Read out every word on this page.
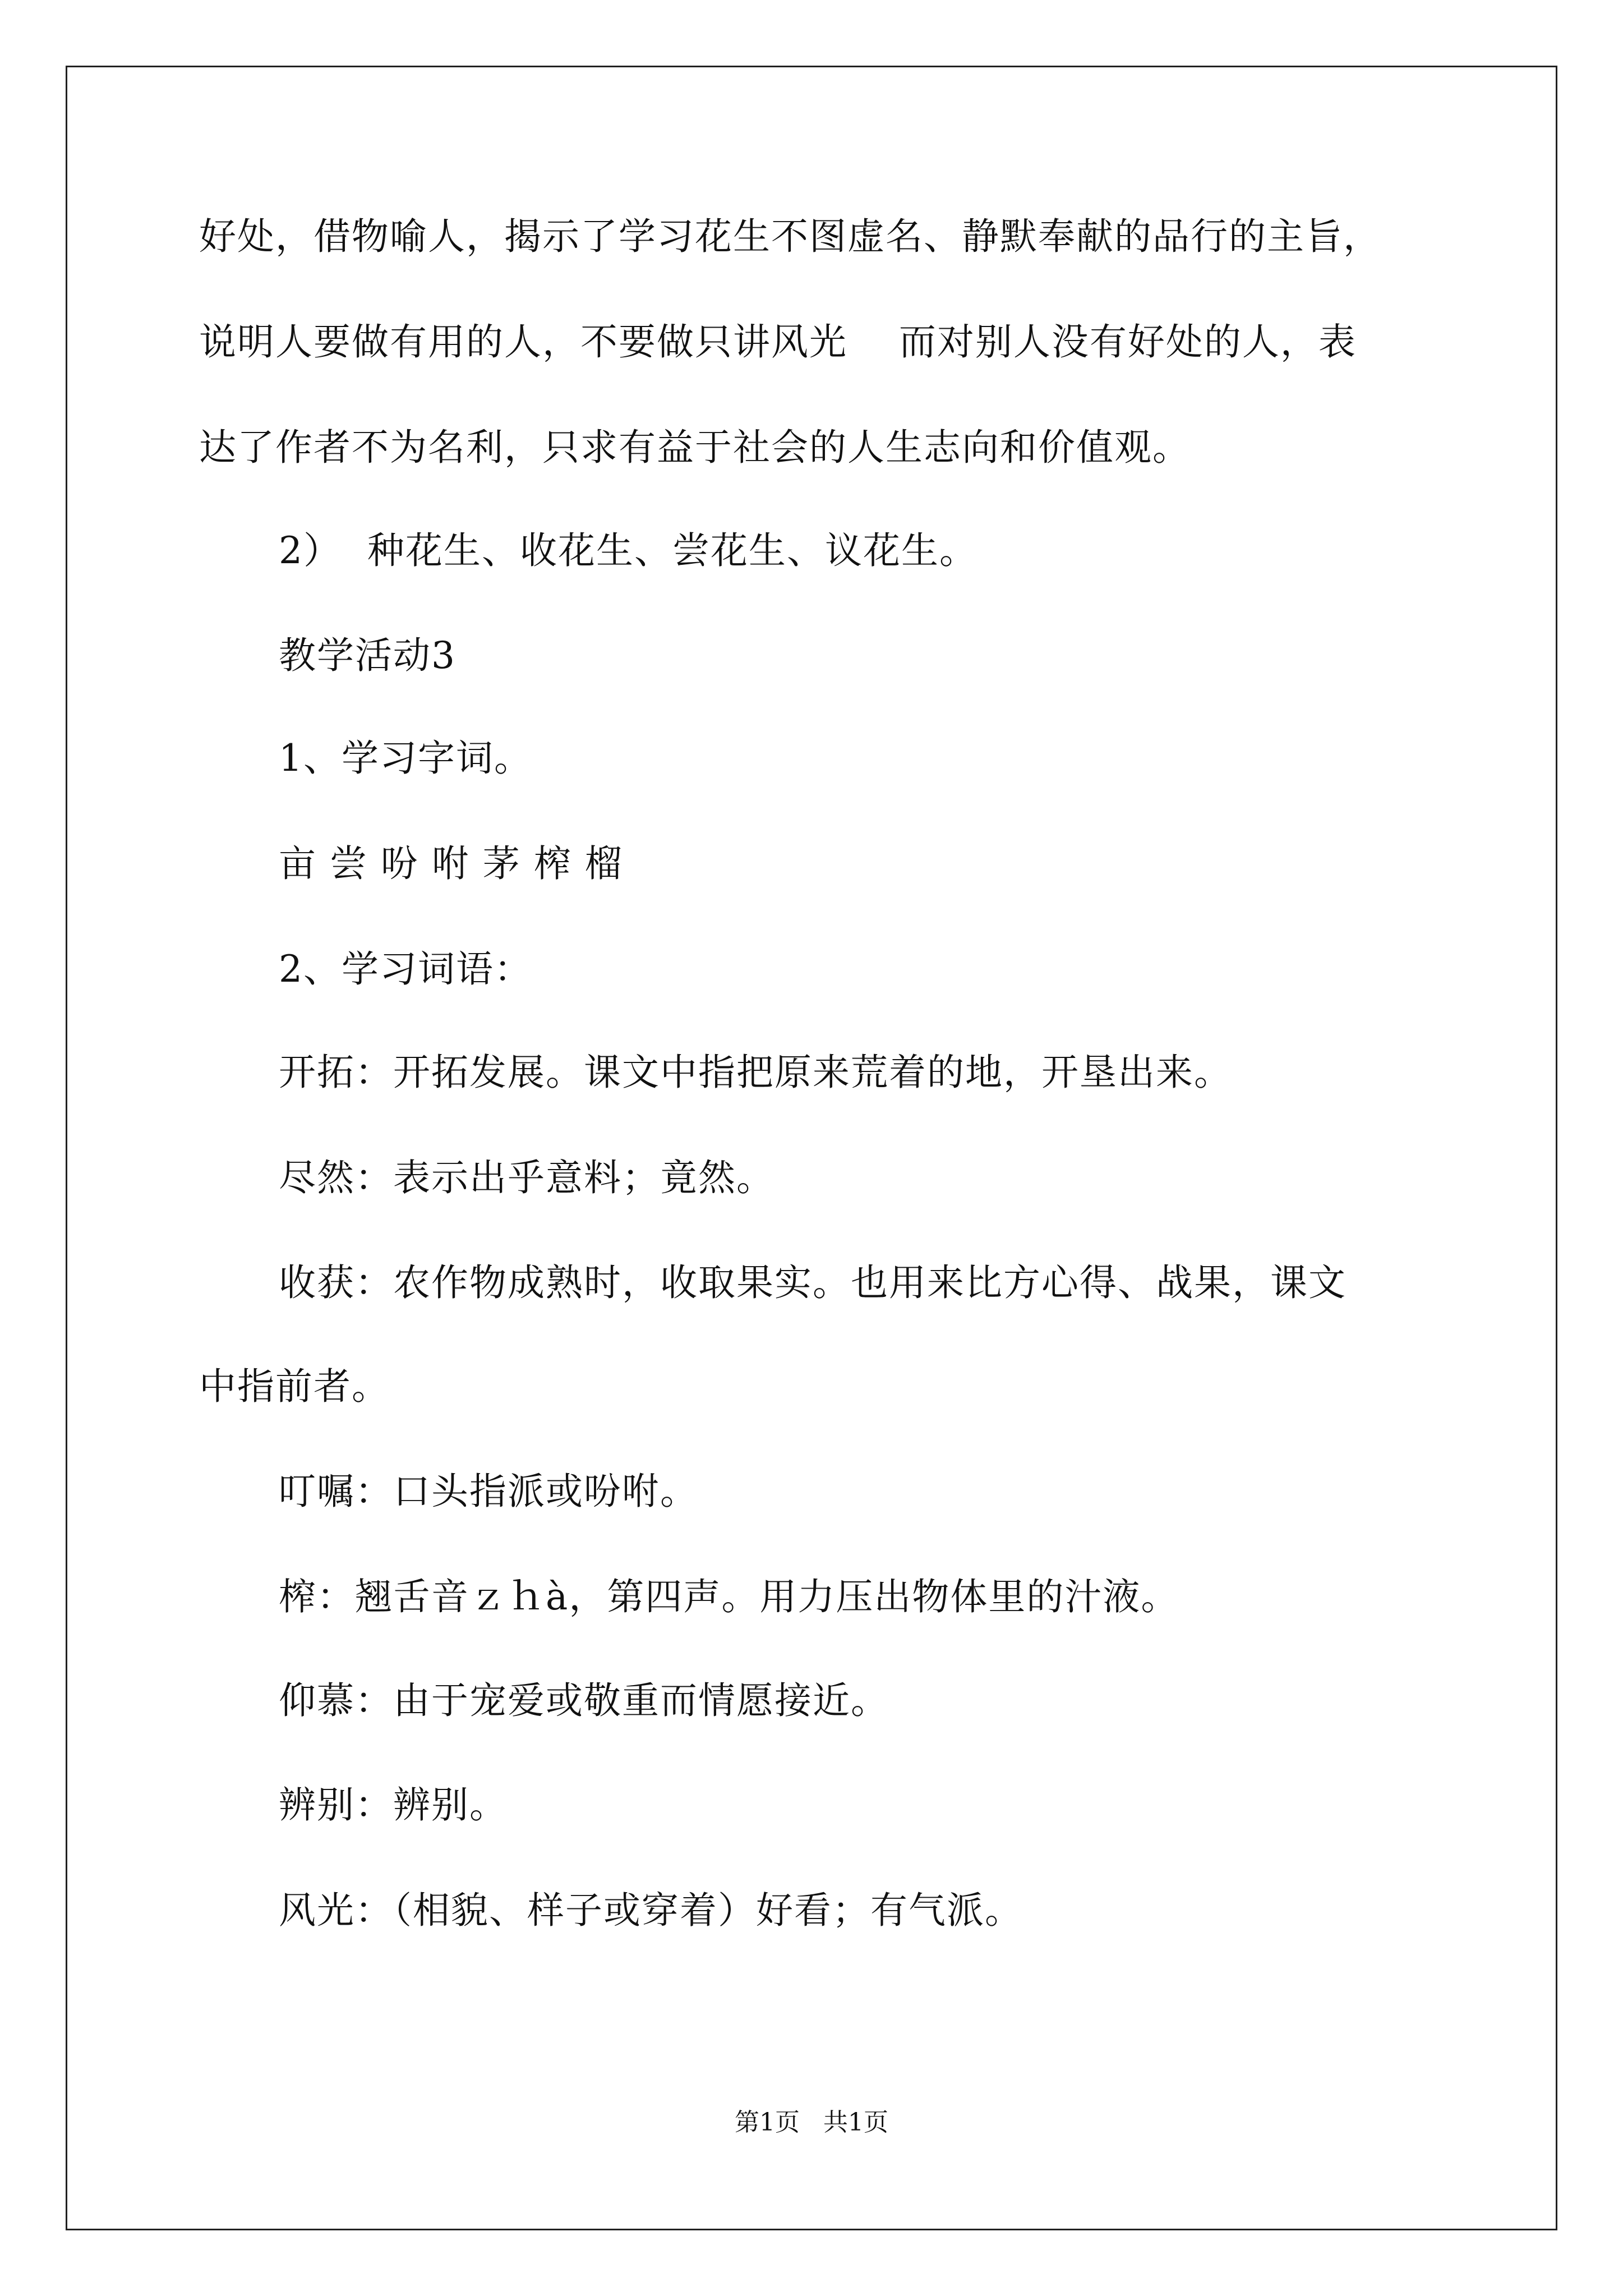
好处，借物喻人，揭示了学习花生不图虚名、静默奉献的品行的主旨，
说明人要做有用的人，不要做只讲风光    而对别人没有好处的人，表
达了作者不为名利，只求有益于社会的人生志向和价值观。
2）  种花生、收花生、尝花生、议花生。
教学活动3
1、学习字词。
亩 尝 吩 咐 茅 榨 榴
2、学习词语：
开拓：开拓发展。课文中指把原来荒着的地，开垦出来。
尽然：表示出乎意料；竟然。
收获：农作物成熟时，收取果实。也用来比方心得、战果，课文
中指前者。
叮嘱：口头指派或吩咐。
榨：翘舌音ｚｈà，第四声。用力压出物体里的汁液。
仰慕：由于宠爱或敬重而情愿接近。
辨别：辨别。
风光：（相貌、样子或穿着）好看；有气派。
第1页   共1页
